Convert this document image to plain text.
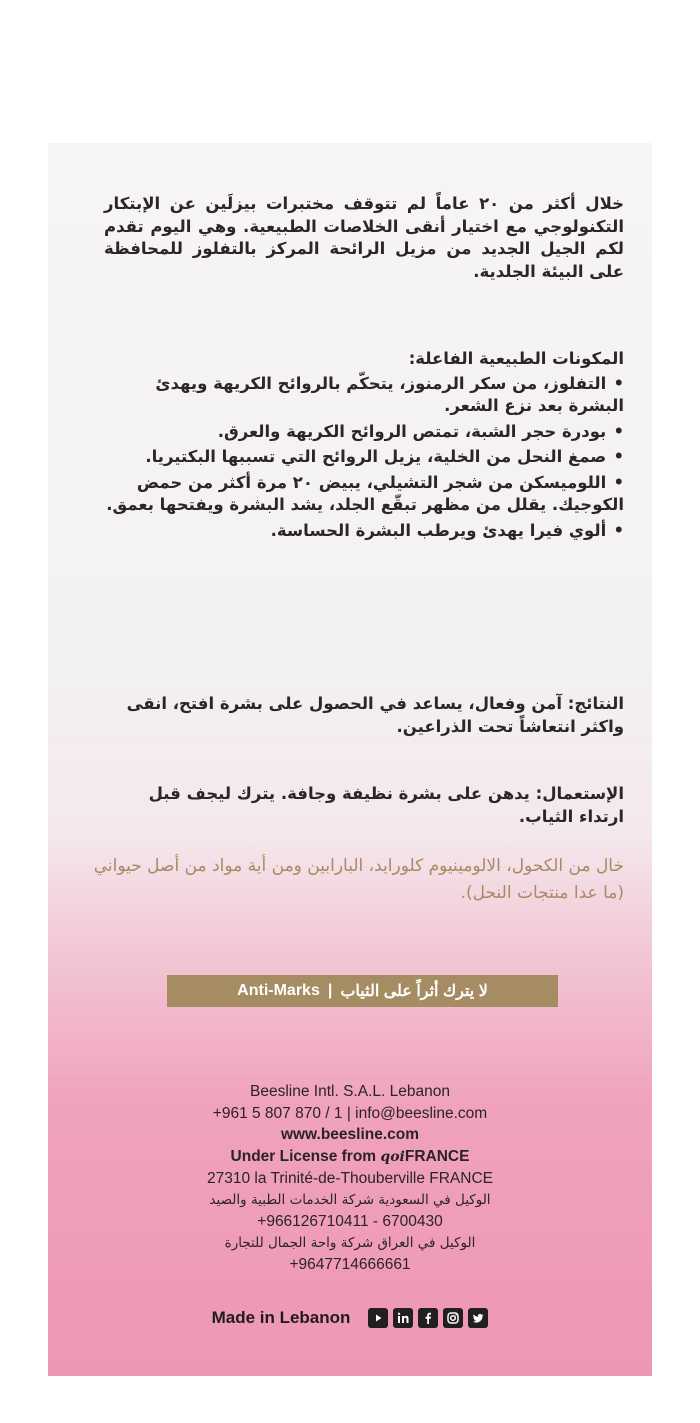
خلال أكثر من ٢٠ عاماً لم تتوقف مختبرات بيزلَين عن الإبتكار التكنولوجي مع اختيار أنقى الخلاصات الطبيعية. وهي اليوم تقدم لكم الجيل الجديد من مزيل الرائحة المركز بالتفلوز للمحافظة على البيئة الجلدية.
المكونات الطبيعية الفاعلة:
• التفلوز، من سكر الرمنوز، يتحكّم بالروائح الكريهة ويهدئ البشرة بعد نزع الشعر.
• بودرة حجر الشبة، تمتص الروائح الكريهة والعرق.
• صمغ النحل من الخلية، يزيل الروائح التي تسببها البكتيريا.
• اللوميسكن من شجر التشيلي، يبيض ٢٠ مرة أكثر من حمض الكوجيك. يقلل من مظهر تبقّع الجلد، يشد البشرة ويفتحها بعمق.
• ألوي فيرا يهدئ ويرطب البشرة الحساسة.
النتائج: آمن وفعال، يساعد في الحصول على بشرة افتح، انقى واكثر انتعاشاً تحت الذراعين.
الإستعمال: يدهن على بشرة نظيفة وجافة. يترك ليجف قبل ارتداء الثياب.
خال من الكحول، الالومينيوم كلورايد، البارابين ومن أية مواد من أصل حيواني (ما عدا منتجات النحل).
Anti-Marks | لا يترك أثراً على الثياب
Beesline Intl. S.A.L. Lebanon
+961 5 807 870 / 1 | info@beesline.com
www.beesline.com
Under License from qoiFRANCE
27310 la Trinité-de-Thouberville FRANCE
الوكيل في السعودية شركة الخدمات الطبية والصيد
+966126710411 - 6700430
الوكيل في العراق شركة واحة الجمال للتجارة
+9647714666661
Made in Lebanon
